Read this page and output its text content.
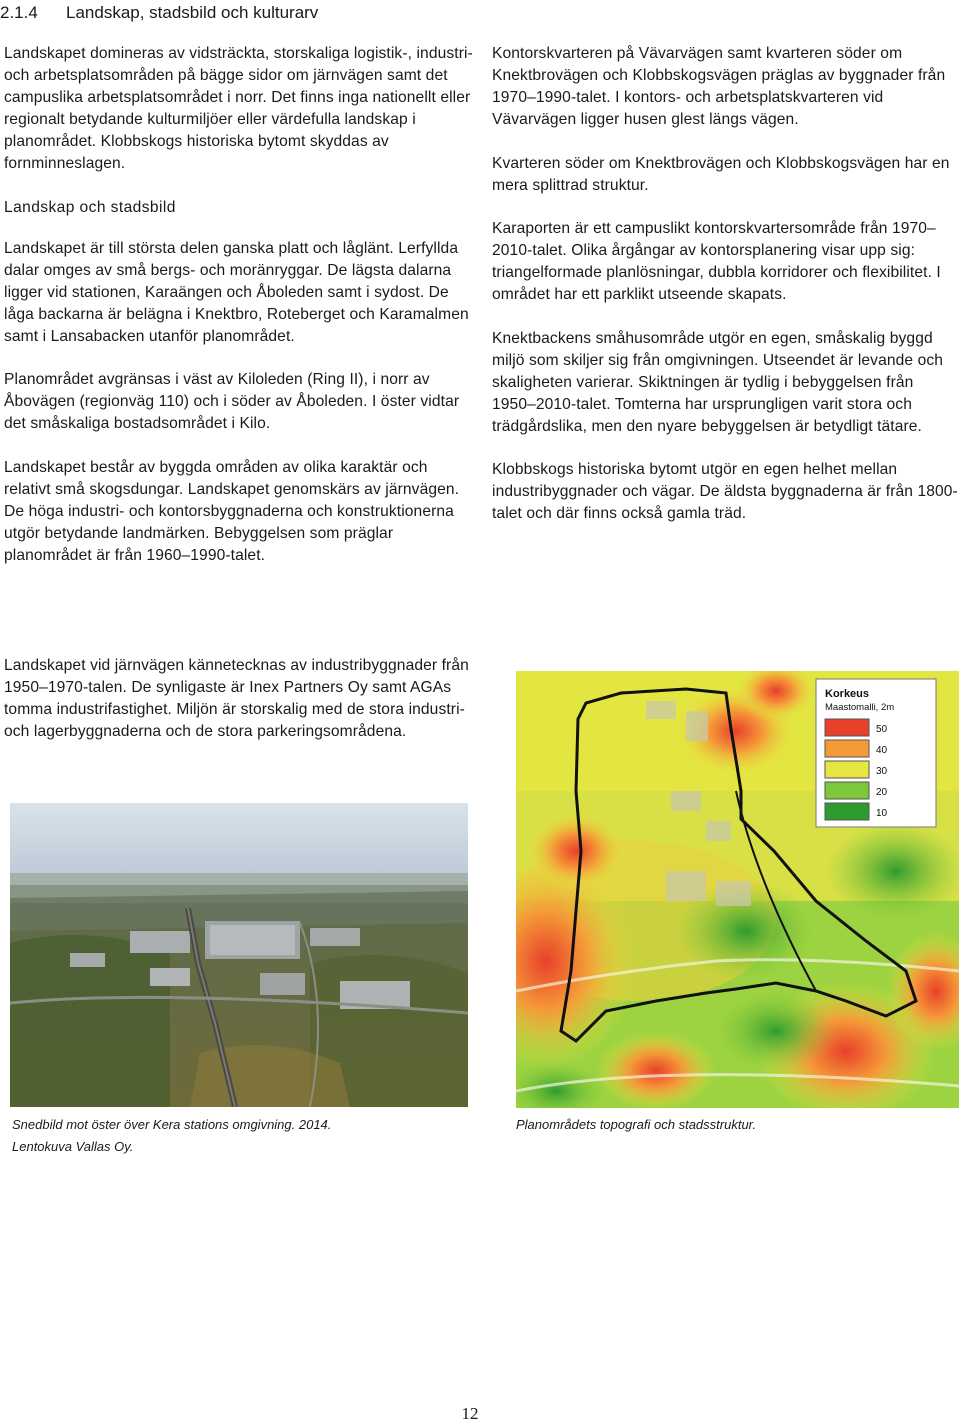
2.1.4 Landskap, stadsbild och kulturarv

Landskapet domineras av vidsträckta, storskaliga logistik-, industri- och arbetsplatsområden på bägge sidor om järnvägen samt det campuslika arbetsplatsområdet i norr. Det finns inga nationellt eller regionalt betydande kulturmiljöer eller värdefulla landskap i planområdet. Klobbskogs historiska bytomt skyddas av fornminneslagen.

Landskap och stadsbild

Landskapet är till största delen ganska platt och låglänt. Lerfyllda dalar omges av små bergs- och moränryggar. De lägsta dalarna ligger vid stationen, Karaängen och Åboleden samt i sydost. De låga backarna är belägna i Knektbro, Roteberget och Karamalmen samt i Lansabacken utanför planområdet.

Planområdet avgränsas i väst av Kiloleden (Ring II), i norr av Åbovägen (regionväg 110) och i söder av Åboleden. I öster vidtar det småskaliga bostadsområdet i Kilo.

Landskapet består av byggda områden av olika karaktär och relativt små skogsdungar. Landskapet genomskärs av järnvägen. De höga industri- och kontorsbyggnaderna och konstruktionerna utgör betydande landmärken. Bebyggelsen som präglar planområdet är från 1960–1990-talet.

Landskapet vid järnvägen kännetecknas av industribyggnader från 1950–1970-talen. De synligaste är Inex Partners Oy samt AGAs tomma industrifastighet. Miljön är storskalig med de stora industri- och lagerbyggnaderna och de stora parkeringsområdena.

Kontorskvarteren på Vävarvägen samt kvarteren söder om Knektbrovägen och Klobbskogsvägen präglas av byggnader från 1970–1990-talet. I kontors- och arbetsplatskvarteren vid Vävarvägen ligger husen glest längs vägen.

Kvarteren söder om Knektbrovägen och Klobbskogsvägen har en mera splittrad struktur.

Karaporten är ett campuslikt kontorskvartersområde från 1970–2010-talet. Olika årgångar av kontorsplanering visar upp sig: triangelformade planlösningar, dubbla korridorer och flexibilitet. I området har ett parklikt utseende skapats.

Knektbackens småhusområde utgör en egen, småskalig byggd miljö som skiljer sig från omgivningen. Utseendet är levande och skaligheten varierar. Skiktningen är tydlig i bebyggelsen från 1950–2010-talet. Tomterna har ursprungligen varit stora och trädgårdslika, men den nyare bebyggelsen är betydligt tätare.

Klobbskogs historiska bytomt utgör en egen helhet mellan industribyggnader och vägar. De äldsta byggnaderna är från 1800-talet och där finns också gamla träd.

Korkeus
Maastomalli, 2m
50
40
30
20
10
Snedbild mot öster över Kera stations omgivning. 2014.
Lentokuva Vallas Oy.
Planområdets topografi och stadsstruktur.
12
